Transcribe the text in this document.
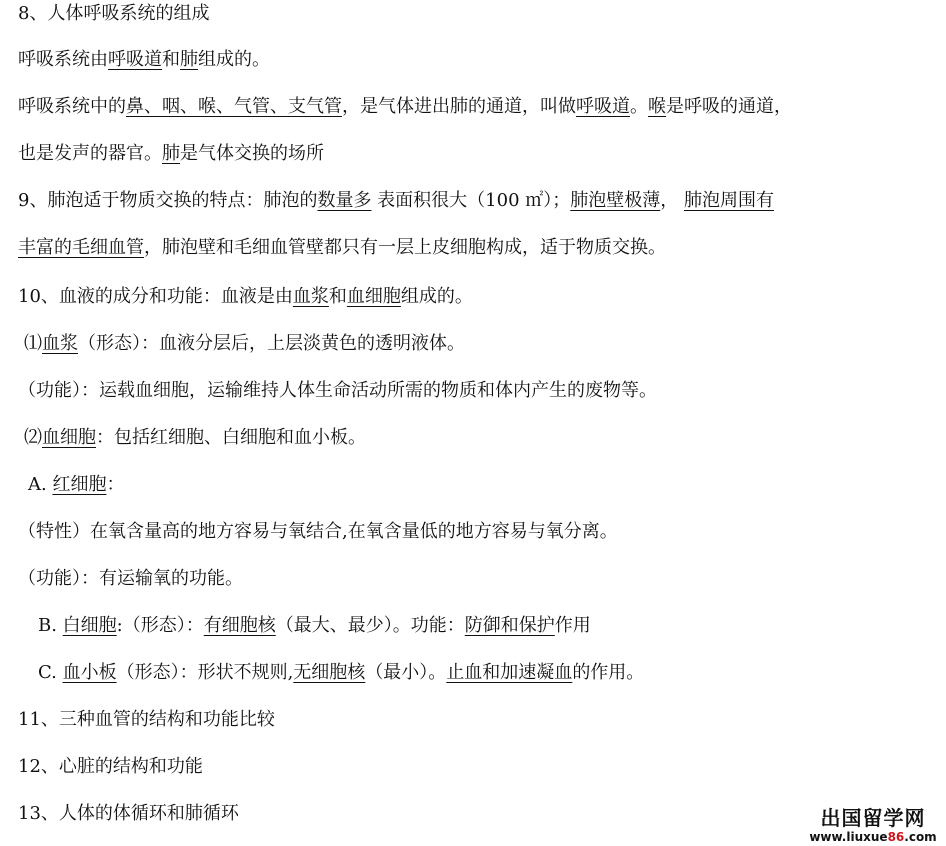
8、人体呼吸系统的组成
呼吸系统由呼吸道和肺组成的。
呼吸系统中的鼻、咽、喉、气管、支气管，是气体进出肺的通道，叫做呼吸道。喉是呼吸的通道，
也是发声的器官。肺是气体交换的场所
9、肺泡适于物质交换的特点：肺泡的数量多 表面积很大（100 ㎡）；肺泡壁极薄， 肺泡周围有
丰富的毛细血管，肺泡壁和毛细血管壁都只有一层上皮细胞构成，适于物质交换。
10、血液的成分和功能：血液是由血浆和血细胞组成的。
⑴血浆（形态）：血液分层后，上层淡黄色的透明液体。
（功能）：运载血细胞，运输维持人体生命活动所需的物质和体内产生的废物等。
⑵血细胞：包括红细胞、白细胞和血小板。
A. 红细胞：
（特性）在氧含量高的地方容易与氧结合,在氧含量低的地方容易与氧分离。
（功能）：有运输氧的功能。
B. 白细胞:（形态）：有细胞核（最大、最少）。功能：防御和保护作用
C. 血小板（形态）：形状不规则,无细胞核（最小）。止血和加速凝血的作用。
11、三种血管的结构和功能比较
12、心脏的结构和功能
13、人体的体循环和肺循环	出国留学网
www.liuxue86.com
